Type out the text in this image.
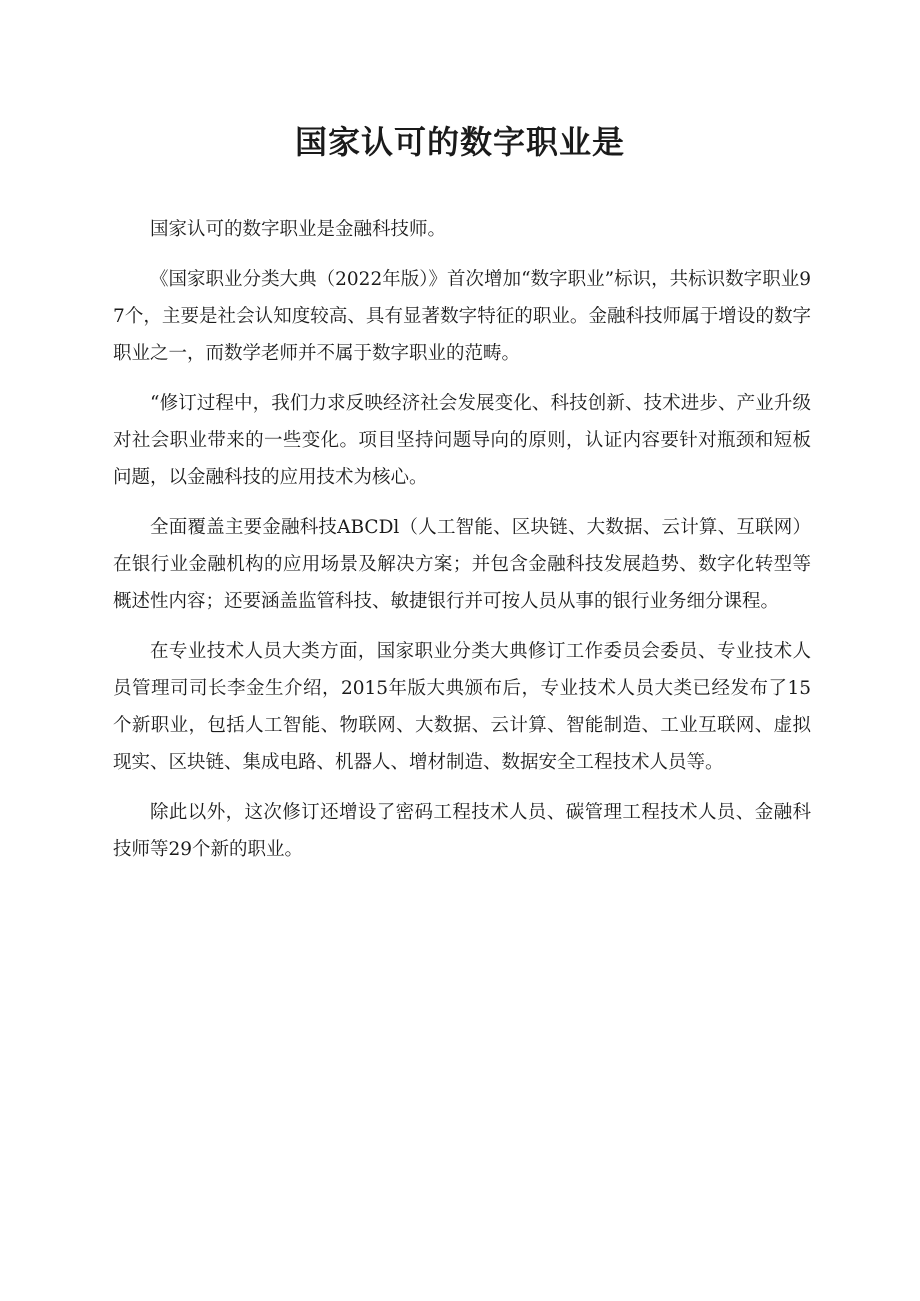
国家认可的数字职业是

国家认可的数字职业是金融科技师。

《国家职业分类大典（2022年版）》首次增加“数字职业”标识，共标识数字职业97个，主要是社会认知度较高、具有显著数字特征的职业。金融科技师属于增设的数字职业之一，而数学老师并不属于数字职业的范畴。

“修订过程中，我们力求反映经济社会发展变化、科技创新、技术进步、产业升级对社会职业带来的一些变化。项目坚持问题导向的原则，认证内容要针对瓶颈和短板问题，以金融科技的应用技术为核心。

全面覆盖主要金融科技ABCDl（人工智能、区块链、大数据、云计算、互联网）在银行业金融机构的应用场景及解决方案；并包含金融科技发展趋势、数字化转型等概述性内容；还要涵盖监管科技、敏捷银行并可按人员从事的银行业务细分课程。

在专业技术人员大类方面，国家职业分类大典修订工作委员会委员、专业技术人员管理司司长李金生介绍，2015年版大典颁布后，专业技术人员大类已经发布了15个新职业，包括人工智能、物联网、大数据、云计算、智能制造、工业互联网、虚拟现实、区块链、集成电路、机器人、增材制造、数据安全工程技术人员等。

除此以外，这次修订还增设了密码工程技术人员、碳管理工程技术人员、金融科技师等29个新的职业。
